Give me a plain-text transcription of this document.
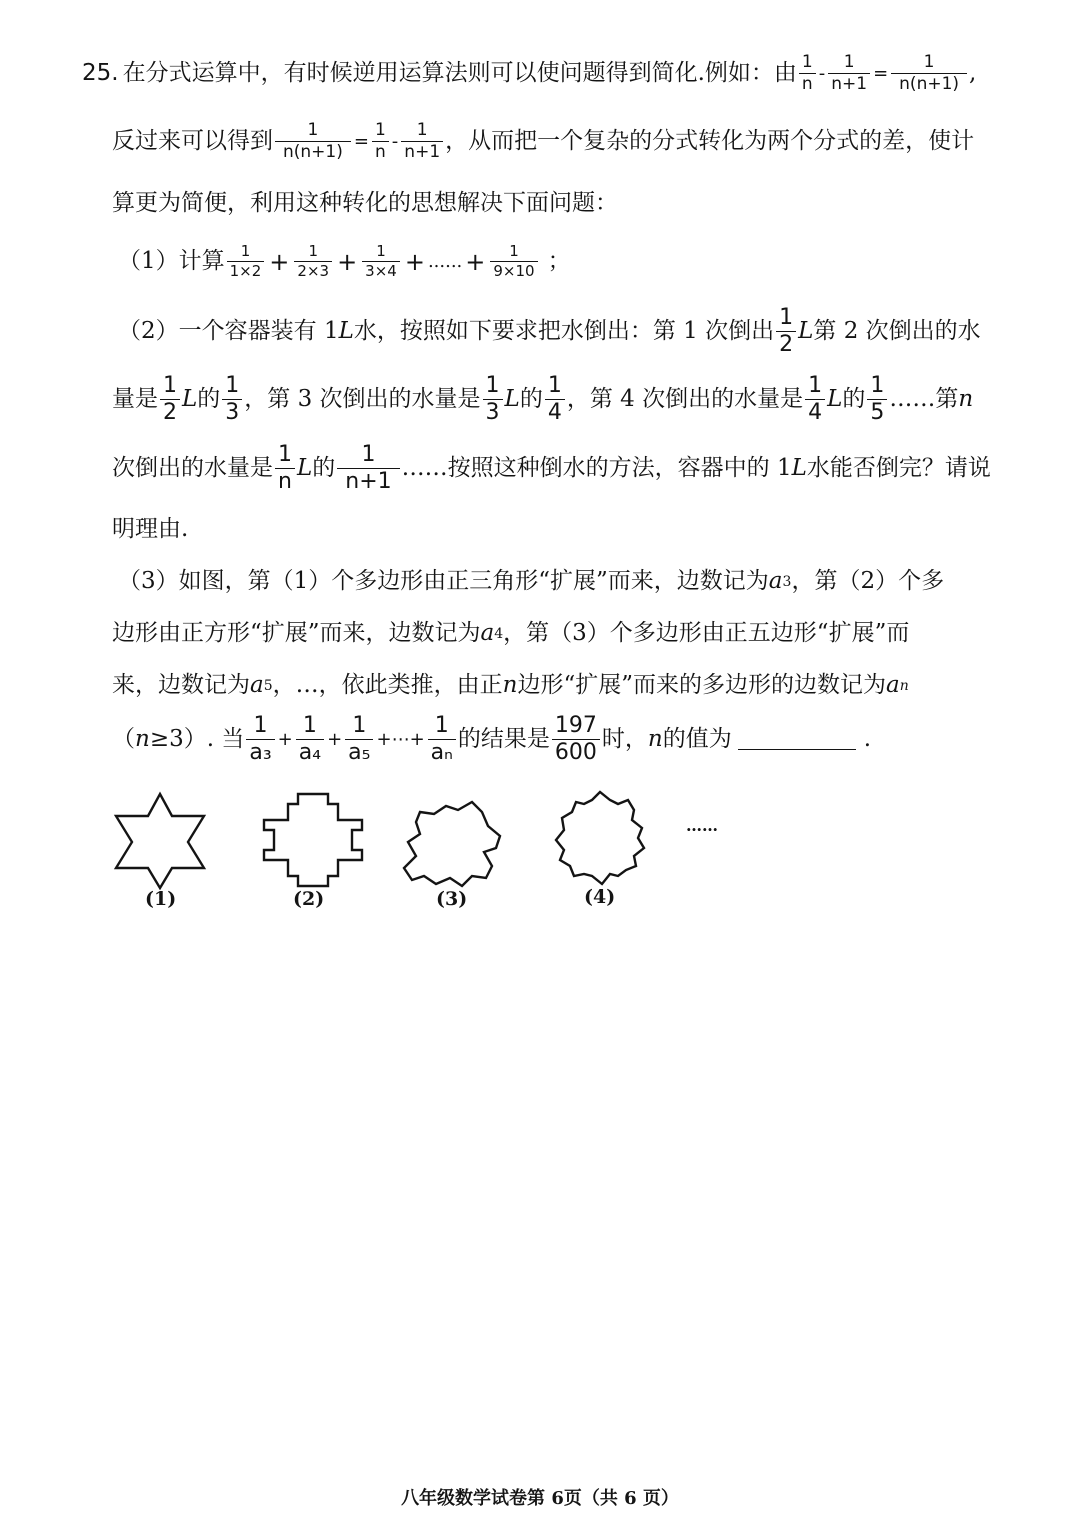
25. 在分式运算中，有时候逆用运算法则可以使问题得到简化.例如：由 $\frac{1}{n} - \frac{1}{n+1} = \frac{1}{n(n+1)}$ ,
反过来可以得到 $\frac{1}{n(n+1)} = \frac{1}{n} - \frac{1}{n+1}$ ，从而把一个复杂的分式转化为两个分式的差，使计
算更为简便，利用这种转化的思想解决下面问题：
（1）计算 $\frac{1}{1\times 2} + \frac{1}{2\times 3} + \frac{1}{3\times 4}$ + ...... + $\frac{1}{9\times 10}$ ；
（2）一个容器装有 1 L 水，按照如下要求把水倒出：第 1 次倒出 $\frac{1}{2}$ L 第 2 次倒出的水
量是 $\frac{1}{2}$ L 的 $\frac{1}{3}$ ，第 3 次倒出的水量是 $\frac{1}{3}$ L 的 $\frac{1}{4}$ ，第 4 次倒出的水量是 $\frac{1}{4}$ L 的 $\frac{1}{5}$ ……第 n
次倒出的水量是 $\frac{1}{n}$ L 的 $\frac{1}{n+1}$ ……按照这种倒水的方法，容器中的 1 L 水能否倒完？请说
明理由.
（3）如图，第（1）个多边形由正三角形“扩展”而来，边数记为 a 3 ，第（2）个多
边形由正方形“扩展”而来，边数记为 a 4 ，第（3）个多边形由正五边形“扩展”而
来，边数记为 a 5 ，…，依此类推，由正 n 边形“扩展”而来的多边形的边数记为 a n
（ n ≥3）. 当 $\frac{1}{\text{a₃}} + \frac{1}{\text{a₄}} + \frac{1}{\text{a₅}}$ +⋯+ $\frac{1}{\text{aₙ}}$ 的结果是 $\frac{197}{600}$ 时， n 的值为	.
(1)	(2)	(3)	(4)
……
八年级数学试卷第 6页（共 6 页）
